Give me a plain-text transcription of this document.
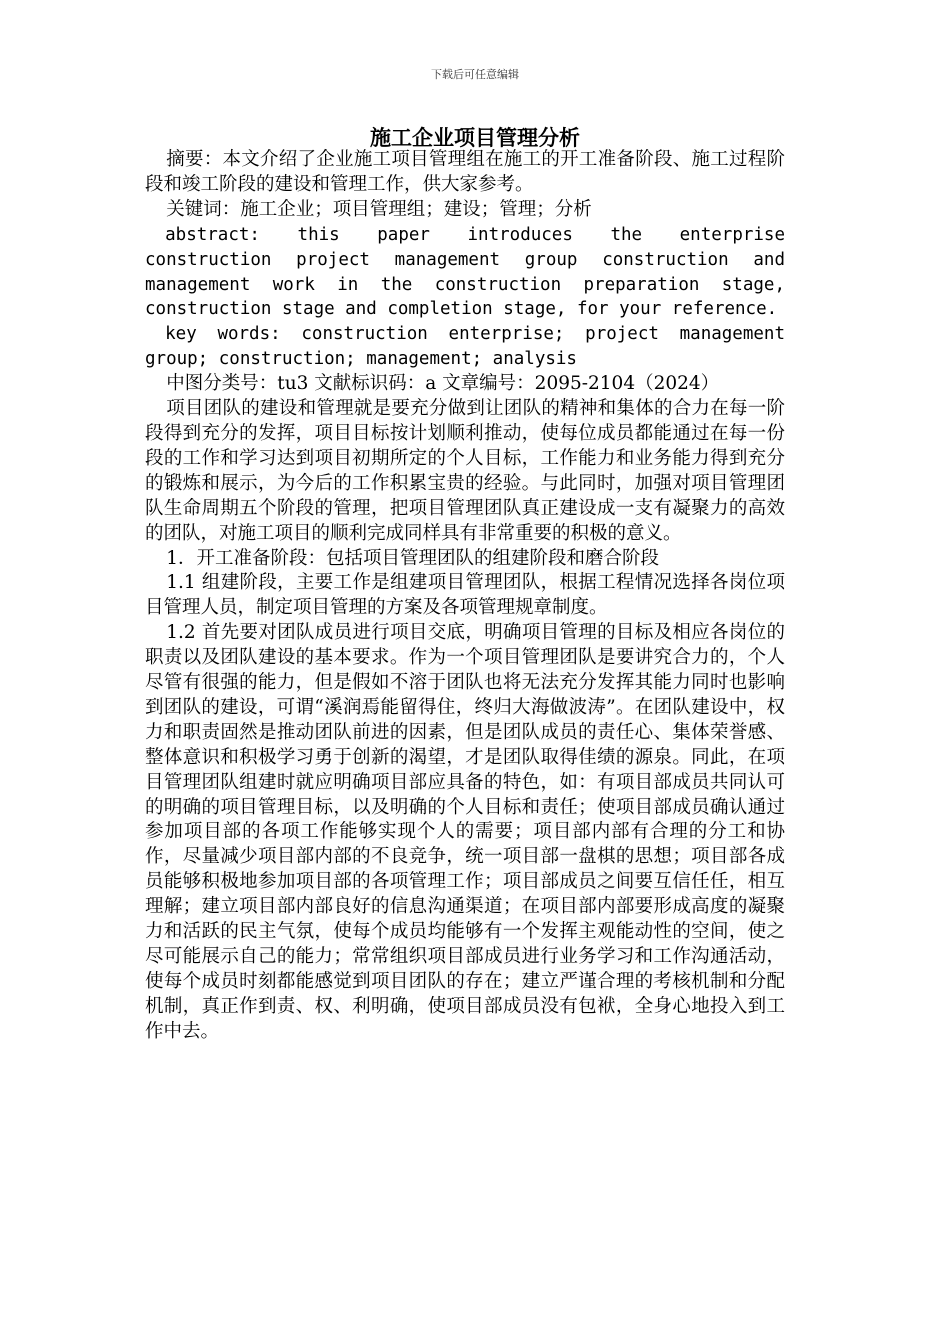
下载后可任意编辑
施工企业项目管理分析

摘要：本文介绍了企业施工项目管理组在施工的开工准备阶段、施工过程阶段和竣工阶段的建设和管理工作，供大家参考。

关键词：施工企业；项目管理组；建设；管理；分析

abstract: this paper introduces the enterprise construction project management group construction and management work in the construction preparation stage, construction stage and completion stage, for your reference.

key words: construction enterprise; project management group; construction; management; analysis

中图分类号：tu3 文献标识码：a 文章编号：2095-2104（2024）

项目团队的建设和管理就是要充分做到让团队的精神和集体的合力在每一阶段得到充分的发挥，项目目标按计划顺利推动，使每位成员都能通过在每一份段的工作和学习达到项目初期所定的个人目标，工作能力和业务能力得到充分的锻炼和展示，为今后的工作积累宝贵的经验。与此同时，加强对项目管理团队生命周期五个阶段的管理，把项目管理团队真正建设成一支有凝聚力的高效的团队，对施工项目的顺利完成同样具有非常重要的积极的意义。

1．开工准备阶段：包括项目管理团队的组建阶段和磨合阶段

1.1 组建阶段，主要工作是组建项目管理团队，根据工程情况选择各岗位项目管理人员，制定项目管理的方案及各项管理规章制度。

1.2 首先要对团队成员进行项目交底，明确项目管理的目标及相应各岗位的职责以及团队建设的基本要求。作为一个项目管理团队是要讲究合力的，个人尽管有很强的能力，但是假如不溶于团队也将无法充分发挥其能力同时也影响到团队的建设，可谓“溪润焉能留得住，终归大海做波涛”。在团队建设中，权力和职责固然是推动团队前进的因素，但是团队成员的责任心、集体荣誉感、整体意识和积极学习勇于创新的渴望，才是团队取得佳绩的源泉。同此，在项目管理团队组建时就应明确项目部应具备的特色，如：有项目部成员共同认可的明确的项目管理目标，以及明确的个人目标和责任；使项目部成员确认通过参加项目部的各项工作能够实现个人的需要；项目部内部有合理的分工和协作，尽量减少项目部内部的不良竞争，统一项目部一盘棋的思想；项目部各成员能够积极地参加项目部的各项管理工作；项目部成员之间要互信任任，相互理解；建立项目部内部良好的信息沟通渠道；在项目部内部要形成高度的凝聚力和活跃的民主气氛，使每个成员均能够有一个发挥主观能动性的空间，使之尽可能展示自己的能力；常常组织项目部成员进行业务学习和工作沟通活动，使每个成员时刻都能感觉到项目团队的存在；建立严谨合理的考核机制和分配机制，真正作到责、权、利明确，使项目部成员没有包袱，全身心地投入到工作中去。
